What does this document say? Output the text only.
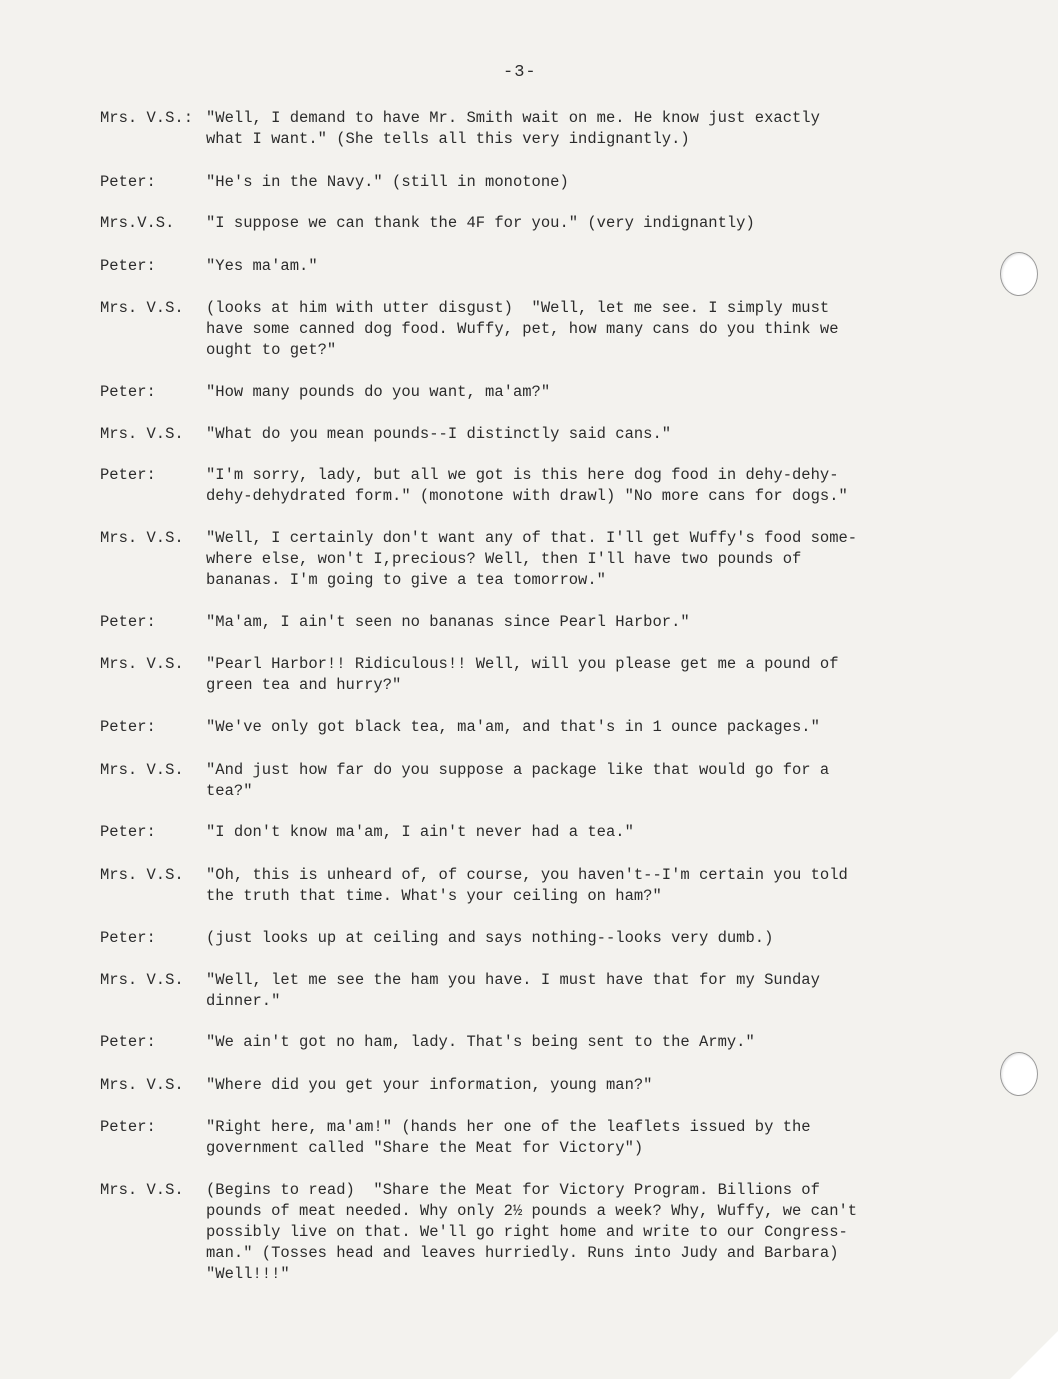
-3-
Mrs. V.S.: "Well, I demand to have Mr. Smith wait on me. He know just exactly
what I want." (She tells all this very indignantly.)
Peter:	"He's in the Navy." (still in monotone)
Mrs.V.S. "I suppose we can thank the 4F for you." (very indignantly)
Peter:	"Yes ma'am."
Mrs. V.S. (looks at him with utter disgust)  "Well, let me see. I simply must
have some canned dog food. Wuffy, pet, how many cans do you think we
ought to get?"
Peter:	"How many pounds do you want, ma'am?"
Mrs. V.S. "What do you mean pounds--I distinctly said cans."
Peter:	"I'm sorry, lady, but all we got is this here dog food in dehy-dehy-
dehy-dehydrated form." (monotone with drawl) "No more cans for dogs."
Mrs. V.S. "Well, I certainly don't want any of that. I'll get Wuffy's food some-
where else, won't I,precious? Well, then I'll have two pounds of
bananas. I'm going to give a tea tomorrow."
Peter:	"Ma'am, I ain't seen no bananas since Pearl Harbor."
Mrs. V.S. "Pearl Harbor!! Ridiculous!! Well, will you please get me a pound of
green tea and hurry?"
Peter:	"We've only got black tea, ma'am, and that's in 1 ounce packages."
Mrs. V.S. "And just how far do you suppose a package like that would go for a
tea?"
Peter:	"I don't know ma'am, I ain't never had a tea."
Mrs. V.S. "Oh, this is unheard of, of course, you haven't--I'm certain you told
the truth that time. What's your ceiling on ham?"
Peter:	(just looks up at ceiling and says nothing--looks very dumb.)
Mrs. V.S. "Well, let me see the ham you have. I must have that for my Sunday
dinner."
Peter:	"We ain't got no ham, lady. That's being sent to the Army."
Mrs. V.S. "Where did you get your information, young man?"
Peter:	"Right here, ma'am!" (hands her one of the leaflets issued by the
government called "Share the Meat for Victory")
Mrs. V.S. (Begins to read)  "Share the Meat for Victory Program. Billions of
pounds of meat needed. Why only 2½ pounds a week? Why, Wuffy, we can't
possibly live on that. We'll go right home and write to our Congress-
man." (Tosses head and leaves hurriedly. Runs into Judy and Barbara)
"Well!!!"
